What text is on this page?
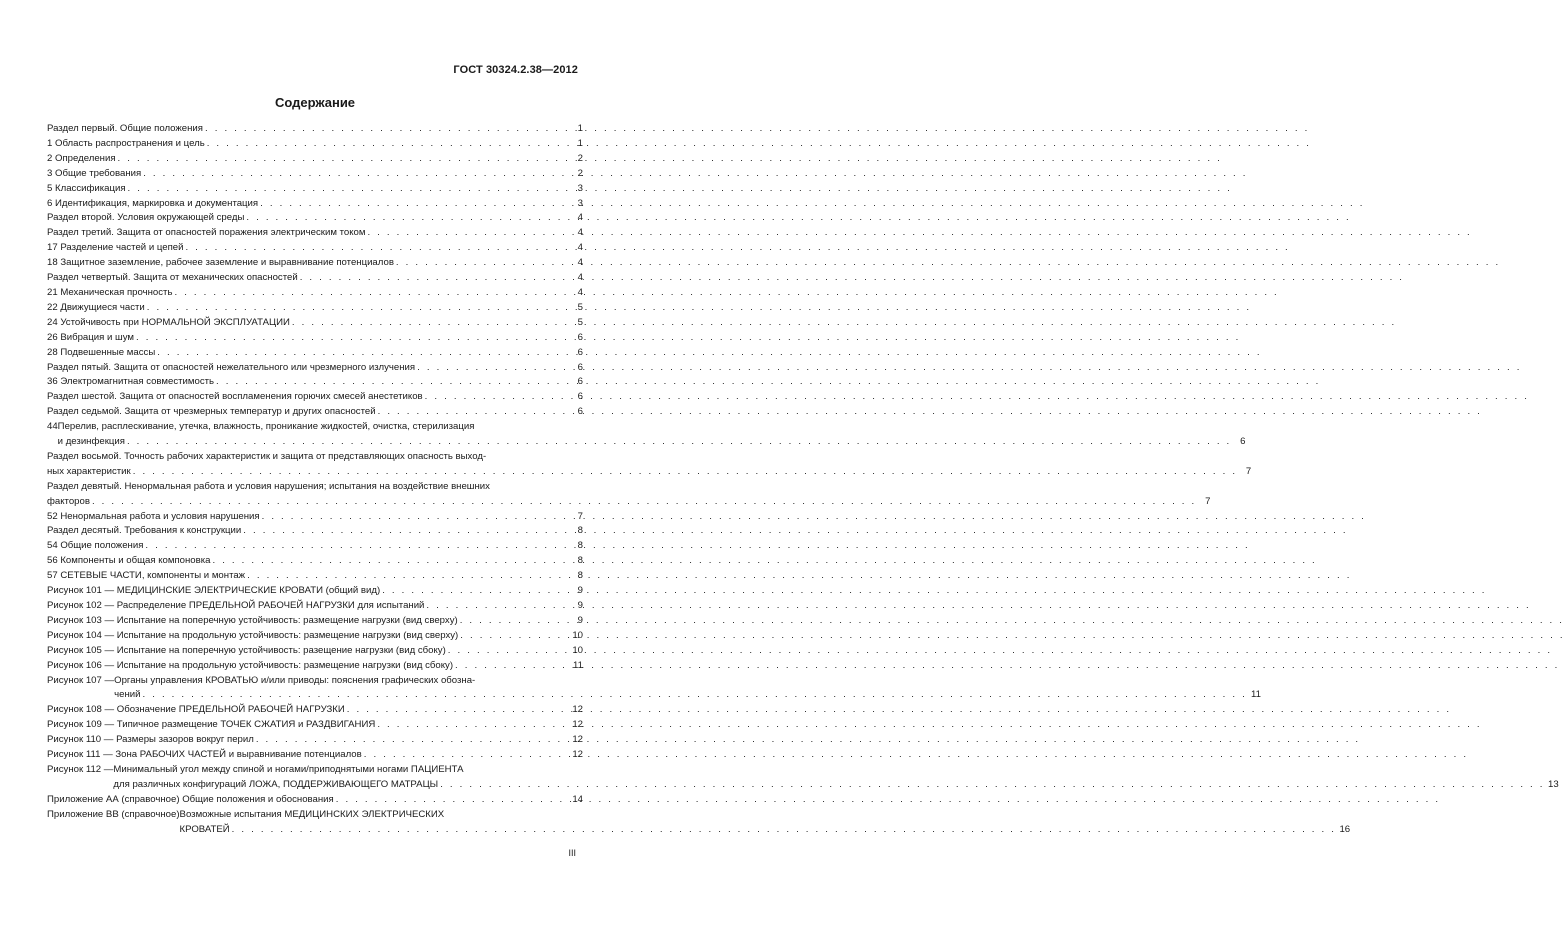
ГОСТ 30324.2.38—2012
Содержание
Раздел первый. Общие положения . . .	1
1 Область распространения и цель . . .	1
2 Определения . . .	2
3 Общие требования . . .	2
5 Классификация . . .	3
6 Идентификация, маркировка и документация . . .	3
Раздел второй. Условия окружающей среды . . .	4
Раздел третий. Защита от опасностей поражения электрическим током . . .	4
17 Разделение частей и цепей . . .	4
18 Защитное заземление, рабочее заземление и выравнивание потенциалов . . .	4
Раздел четвертый. Защита от механических опасностей . . .	4
21 Механическая прочность . . .	4
22 Движущиеся части . . .	5
24 Устойчивость при НОРМАЛЬНОЙ ЭКСПЛУАТАЦИИ . . .	5
26 Вибрация и шум . . .	6
28 Подвешенные массы . . .	6
Раздел пятый. Защита от опасностей нежелательного или чрезмерного излучения . . .	6
36 Электромагнитная совместимость . . .	6
Раздел шестой. Защита от опасностей воспламенения горючих смесей анестетиков . . .	6
Раздел седьмой. Защита от чрезмерных температур и других опасностей . . .	6
44 Перелив, расплескивание, утечка, влажность, проникание жидкостей, очистка, стерилизация
и дезинфекция . . .	6
Раздел восьмой. Точность рабочих характеристик и защита от представляющих опасность выход-
ных характеристик . . .	7
Раздел девятый. Ненормальная работа и условия нарушения; испытания на воздействие внешних
факторов . . .	7
52 Ненормальная работа и условия нарушения . . .	7
Раздел десятый. Требования к конструкции . . .	8
54 Общие положения . . .	8
56 Компоненты и общая компоновка . . .	8
57 СЕТЕВЫЕ ЧАСТИ, компоненты и монтаж . . .	8
Рисунок 101 — МЕДИЦИНСКИЕ ЭЛЕКТРИЧЕСКИЕ КРОВАТИ (общий вид) . . .	9
Рисунок 102 — Распределение ПРЕДЕЛЬНОЙ РАБОЧЕЙ НАГРУЗКИ для испытаний . . .	9
Рисунок 103 — Испытание на поперечную устойчивость: размещение нагрузки (вид сверху) . . .	9
Рисунок 104 — Испытание на продольную устойчивость: размещение нагрузки (вид сверху) . . .	10
Рисунок 105 — Испытание на поперечную устойчивость: разещение нагрузки (вид сбоку) . . .	10
Рисунок 106 — Испытание на продольную устойчивость: размещение нагрузки (вид сбоку) . . .	11
Рисунок 107 — Органы управления КРОВАТЬЮ и/или приводы: пояснения графических обозна-
чений . . .	11
Рисунок 108 — Обозначение ПРЕДЕЛЬНОЙ РАБОЧЕЙ НАГРУЗКИ . . .	12
Рисунок 109 — Типичное размещение ТОЧЕК СЖАТИЯ и РАЗДВИГАНИЯ . . .	12
Рисунок 110 — Размеры зазоров вокруг перил . . .	12
Рисунок 111 — Зона РАБОЧИХ ЧАСТЕЙ и выравнивание потенциалов . . .	12
Рисунок 112 — Минимальный угол между спиной и ногами/приподнятыми ногами ПАЦИЕНТА
для различных конфигураций ЛОЖА, ПОДДЕРЖИВАЮЩЕГО МАТРАЦЫ . . .	13
Приложение АА (справочное) Общие положения и обоснования . . .	14
Приложение ВВ (справочное) Возможные испытания МЕДИЦИНСКИХ ЭЛЕКТРИЧЕСКИХ
КРОВАТЕЙ . . .	16
III
